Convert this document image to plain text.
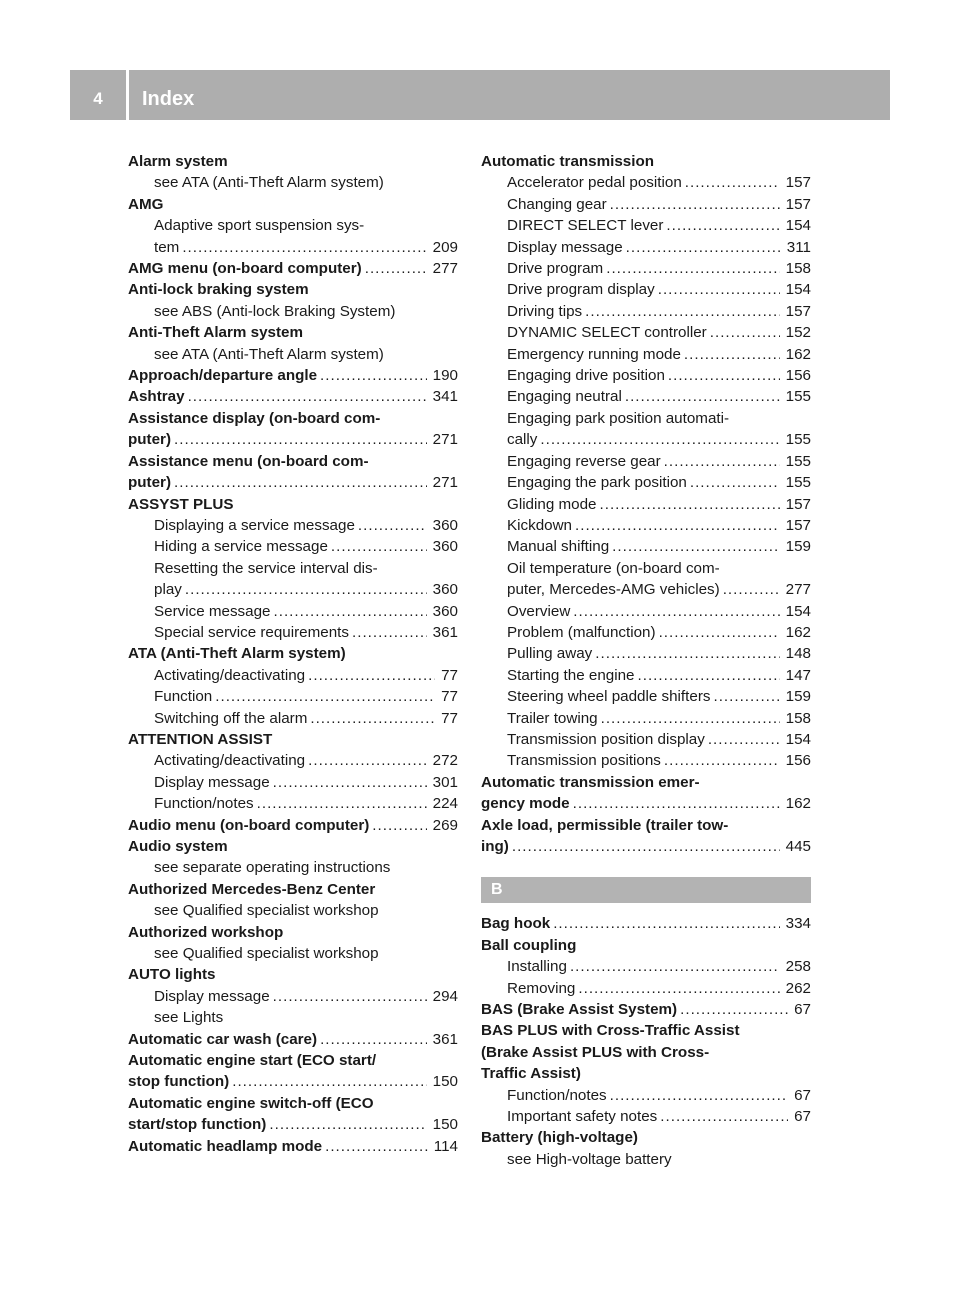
4	Index
Alarm system
see ATA (Anti-Theft Alarm system)
AMG
Adaptive sport suspension sys-
tem .....	209
AMG menu (on-board computer) .....	277
Anti-lock braking system
see ABS (Anti-lock Braking System)
Anti-Theft Alarm system
see ATA (Anti-Theft Alarm system)
Approach/departure angle .....	190
Ashtray .....	341
Assistance display (on-board com-
puter) .....	271
Assistance menu (on-board com-
puter) .....	271
ASSYST PLUS
Displaying a service message .....	360
Hiding a service message .....	360
Resetting the service interval dis-
play .....	360
Service message .....	360
Special service requirements .....	361
ATA (Anti-Theft Alarm system)
Activating/deactivating .....	77
Function .....	77
Switching off the alarm .....	77
ATTENTION ASSIST
Activating/deactivating .....	272
Display message .....	301
Function/notes .....	224
Audio menu (on-board computer) .....	269
Audio system
see separate operating instructions
Authorized Mercedes-Benz Center
see Qualified specialist workshop
Authorized workshop
see Qualified specialist workshop
AUTO lights
Display message .....	294
see Lights
Automatic car wash (care) .....	361
Automatic engine start (ECO start/
stop function) .....	150
Automatic engine switch-off (ECO
start/stop function) .....	150
Automatic headlamp mode .....	114
Automatic transmission
Accelerator pedal position .....	157
Changing gear .....	157
DIRECT SELECT lever .....	154
Display message .....	311
Drive program .....	158
Drive program display .....	154
Driving tips .....	157
DYNAMIC SELECT controller .....	152
Emergency running mode .....	162
Engaging drive position .....	156
Engaging neutral .....	155
Engaging park position automati-
cally .....	155
Engaging reverse gear .....	155
Engaging the park position .....	155
Gliding mode .....	157
Kickdown .....	157
Manual shifting .....	159
Oil temperature (on-board com-
puter, Mercedes-AMG vehicles) .....	277
Overview .....	154
Problem (malfunction) .....	162
Pulling away .....	148
Starting the engine .....	147
Steering wheel paddle shifters .....	159
Trailer towing .....	158
Transmission position display .....	154
Transmission positions .....	156
Automatic transmission emer-
gency mode .....	162
Axle load, permissible (trailer tow-
ing) .....	445
B
Bag hook .....	334
Ball coupling
Installing .....	258
Removing .....	262
BAS (Brake Assist System) .....	67
BAS PLUS with Cross-Traffic Assist
(Brake Assist PLUS with Cross-
Traffic Assist)
Function/notes .....	67
Important safety notes .....	67
Battery (high-voltage)
see High-voltage battery
